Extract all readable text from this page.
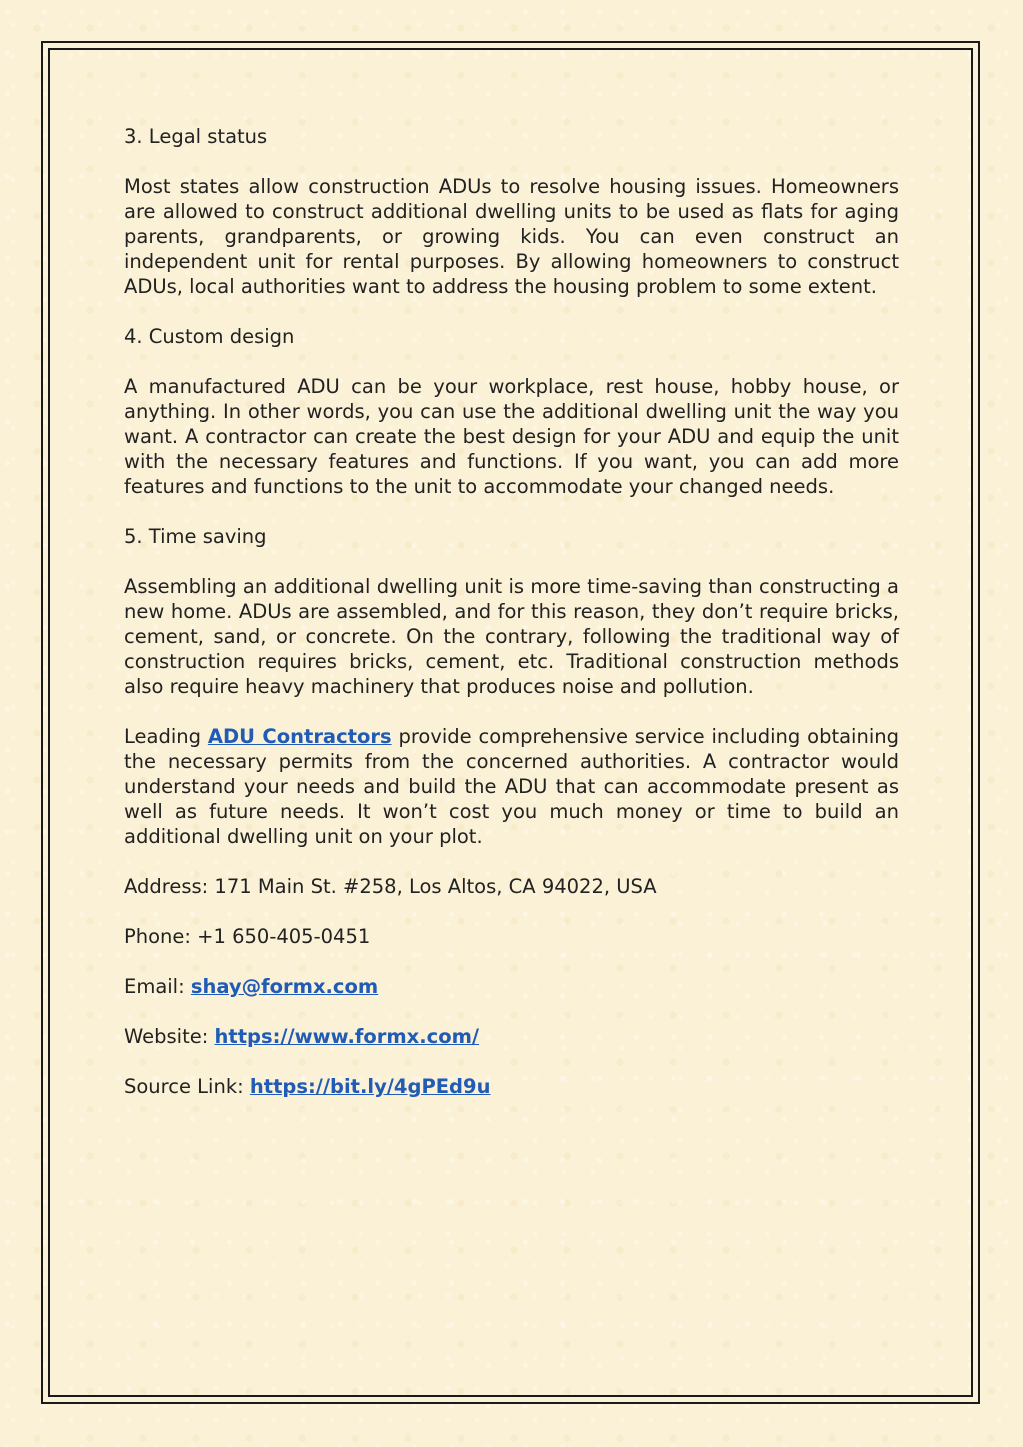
3. Legal status
Most states allow construction ADUs to resolve housing issues. Homeowners are allowed to construct additional dwelling units to be used as flats for aging parents, grandparents, or growing kids. You can even construct an independent unit for rental purposes. By allowing homeowners to construct ADUs, local authorities want to address the housing problem to some extent.
4. Custom design
A manufactured ADU can be your workplace, rest house, hobby house, or anything. In other words, you can use the additional dwelling unit the way you want. A contractor can create the best design for your ADU and equip the unit with the necessary features and functions. If you want, you can add more features and functions to the unit to accommodate your changed needs.
5. Time saving
Assembling an additional dwelling unit is more time-saving than constructing a new home. ADUs are assembled, and for this reason, they don’t require bricks, cement, sand, or concrete. On the contrary, following the traditional way of construction requires bricks, cement, etc. Traditional construction methods also require heavy machinery that produces noise and pollution.
Leading ADU Contractors provide comprehensive service including obtaining the necessary permits from the concerned authorities. A contractor would understand your needs and build the ADU that can accommodate present as well as future needs. It won’t cost you much money or time to build an additional dwelling unit on your plot.
Address: 171 Main St. #258, Los Altos, CA 94022, USA
Phone: +1 650-405-0451
Email: shay@formx.com
Website: https://www.formx.com/
Source Link: https://bit.ly/4gPEd9u
